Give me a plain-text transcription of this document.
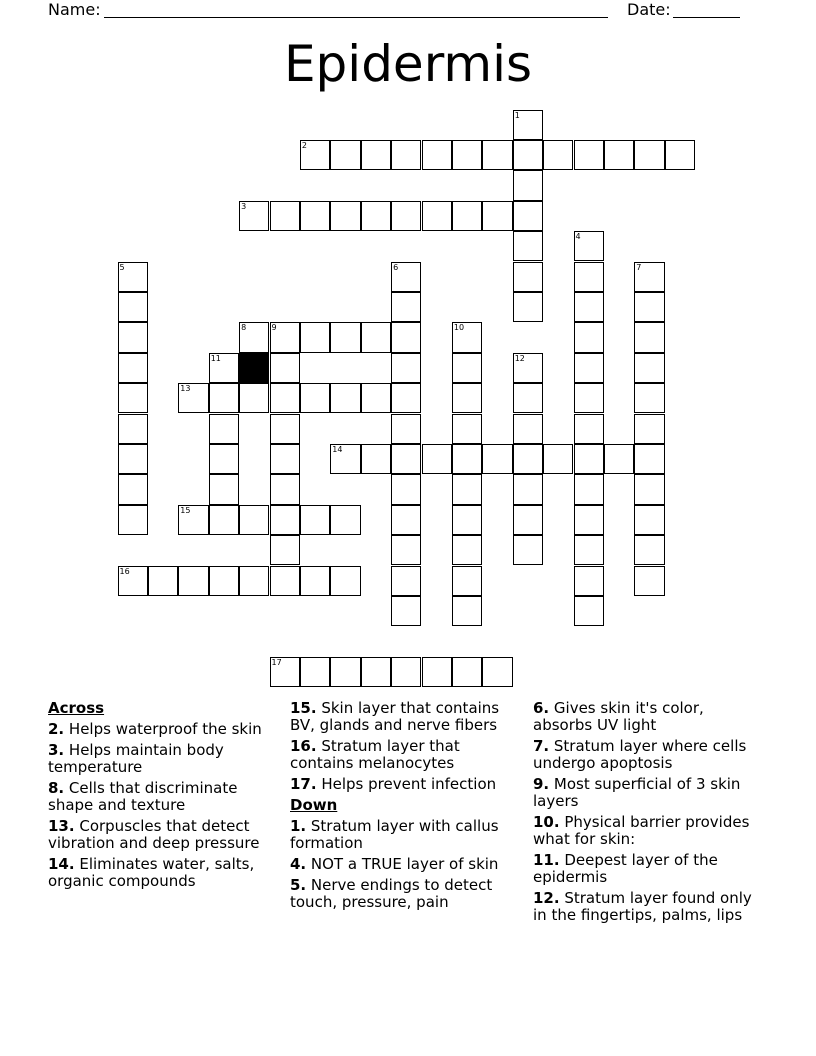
Name:	Date:
Epidermis
1
2
3
4
5	6	7
8	9	10
11	12
13
14
15
16
17
Across
2. Helps waterproof the skin
3. Helps maintain body temperature
8. Cells that discriminate shape and texture
13. Corpuscles that detect vibration and deep pressure
14. Eliminates water, salts, organic compounds
15. Skin layer that contains BV, glands and nerve fibers
16. Stratum layer that contains melanocytes
17. Helps prevent infection
Down
1. Stratum layer with callus formation
4. NOT a TRUE layer of skin
5. Nerve endings to detect touch, pressure, pain
6. Gives skin it's color, absorbs UV light
7. Stratum layer where cells undergo apoptosis
9. Most superficial of 3 skin layers
10. Physical barrier provides what for skin:
11. Deepest layer of the epidermis
12. Stratum layer found only in the fingertips, palms, lips
